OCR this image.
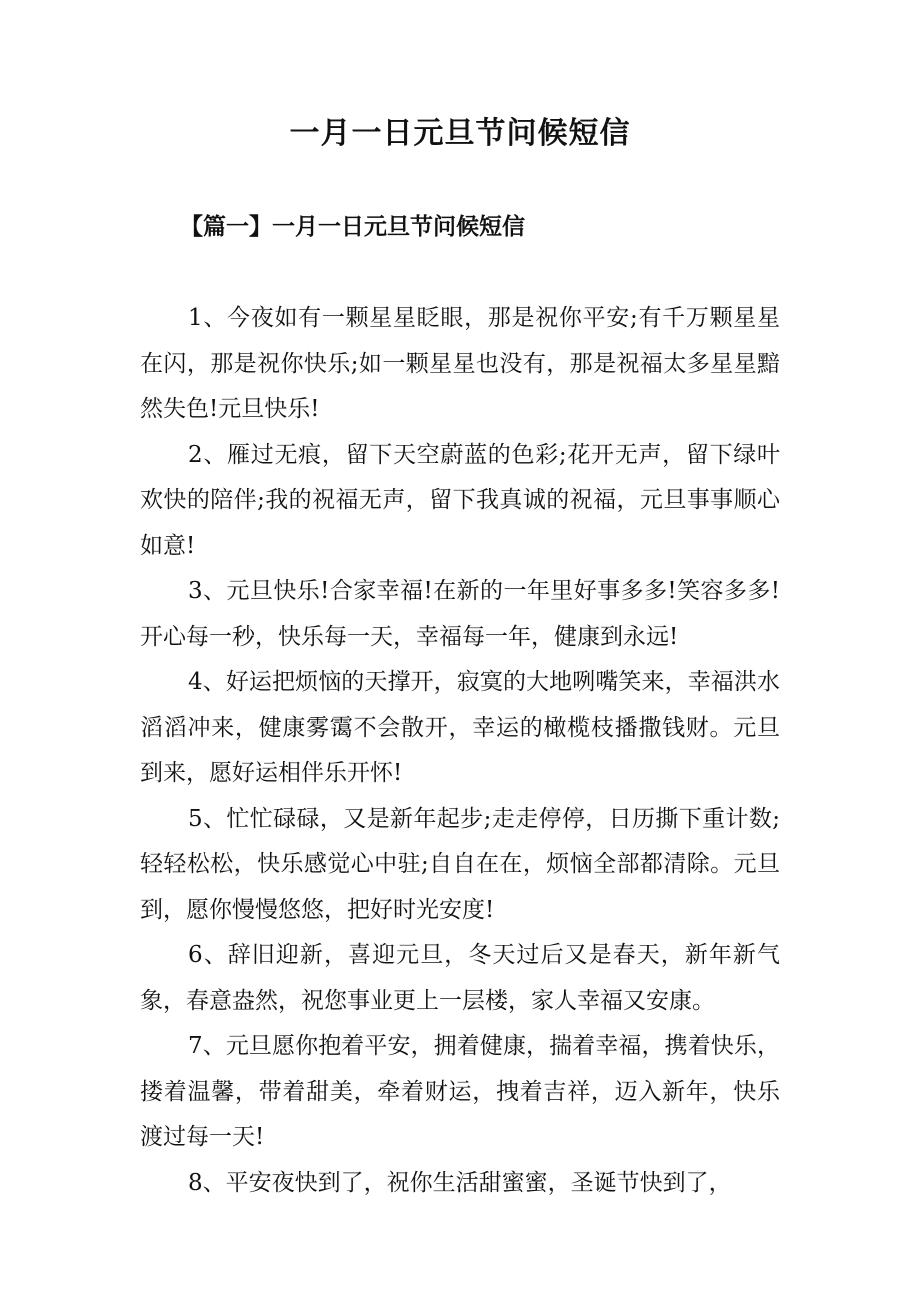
一月一日元旦节问候短信
【篇一】一月一日元旦节问候短信

1、今夜如有一颗星星眨眼，那是祝你平安;有千万颗星星在闪，那是祝你快乐;如一颗星星也没有，那是祝福太多星星黯然失色!元旦快乐!

2、雁过无痕，留下天空蔚蓝的色彩;花开无声，留下绿叶欢快的陪伴;我的祝福无声，留下我真诚的祝福，元旦事事顺心如意!

3、元旦快乐!合家幸福!在新的一年里好事多多!笑容多多!开心每一秒，快乐每一天，幸福每一年，健康到永远!

4、好运把烦恼的天撑开，寂寞的大地咧嘴笑来，幸福洪水滔滔冲来，健康雾霭不会散开，幸运的橄榄枝播撒钱财。元旦到来，愿好运相伴乐开怀!

5、忙忙碌碌，又是新年起步;走走停停，日历撕下重计数;轻轻松松，快乐感觉心中驻;自自在在，烦恼全部都清除。元旦到，愿你慢慢悠悠，把好时光安度!

6、辞旧迎新，喜迎元旦，冬天过后又是春天，新年新气象，春意盎然，祝您事业更上一层楼，家人幸福又安康。

7、元旦愿你抱着平安，拥着健康，揣着幸福，携着快乐，搂着温馨，带着甜美，牵着财运，拽着吉祥，迈入新年，快乐渡过每一天!

8、平安夜快到了，祝你生活甜蜜蜜，圣诞节快到了，
